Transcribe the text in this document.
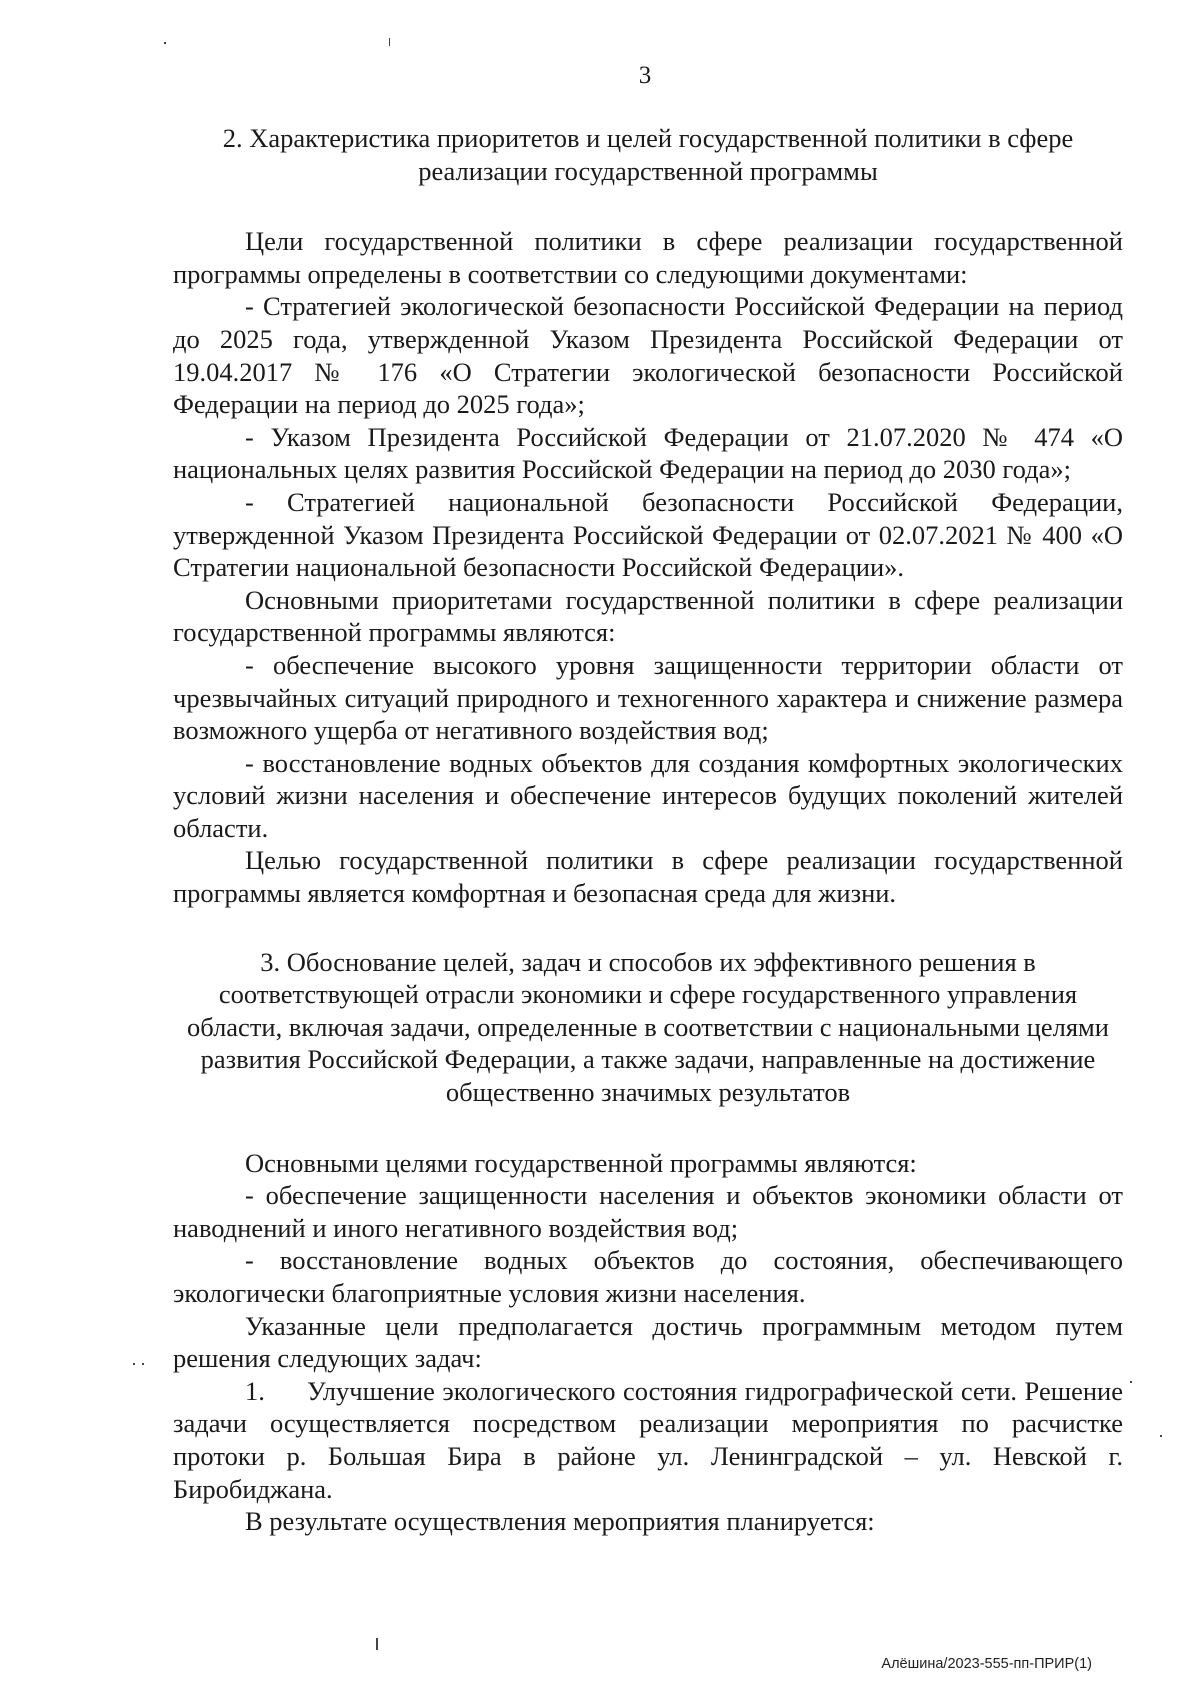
3
2. Характеристика приоритетов и целей государственной политики в сфере реализации государственной программы

Цели государственной политики в сфере реализации государственной программы определены в соответствии со следующими документами:

- Стратегией экологической безопасности Российской Федерации на период до 2025 года, утвержденной Указом Президента Российской Федерации от 19.04.2017 № 176 «О Стратегии экологической безопасности Российской Федерации на период до 2025 года»;

- Указом Президента Российской Федерации от 21.07.2020 № 474 «О национальных целях развития Российской Федерации на период до 2030 года»;

- Стратегией национальной безопасности Российской Федерации, утвержденной Указом Президента Российской Федерации от 02.07.2021 № 400 «О Стратегии национальной безопасности Российской Федерации».

Основными приоритетами государственной политики в сфере реализации государственной программы являются:

- обеспечение высокого уровня защищенности территории области от чрезвычайных ситуаций природного и техногенного характера и снижение размера возможного ущерба от негативного воздействия вод;

- восстановление водных объектов для создания комфортных экологических условий жизни населения и обеспечение интересов будущих поколений жителей области.

Целью государственной политики в сфере реализации государственной программы является комфортная и безопасная среда для жизни.

3. Обоснование целей, задач и способов их эффективного решения в соответствующей отрасли экономики и сфере государственного управления области, включая задачи, определенные в соответствии с национальными целями развития Российской Федерации, а также задачи, направленные на достижение общественно значимых результатов

Основными целями государственной программы являются:

- обеспечение защищенности населения и объектов экономики области от наводнений и иного негативного воздействия вод;

- восстановление водных объектов до состояния, обеспечивающего экологически благоприятные условия жизни населения.

Указанные цели предполагается достичь программным методом путем решения следующих задач:

1. Улучшение экологического состояния гидрографической сети. Решение задачи осуществляется посредством реализации мероприятия по расчистке протоки р. Большая Бира в районе ул. Ленинградской – ул. Невской г. Биробиджана.

В результате осуществления мероприятия планируется:

Алёшина/2023-555-пп-ПРИР(1)
